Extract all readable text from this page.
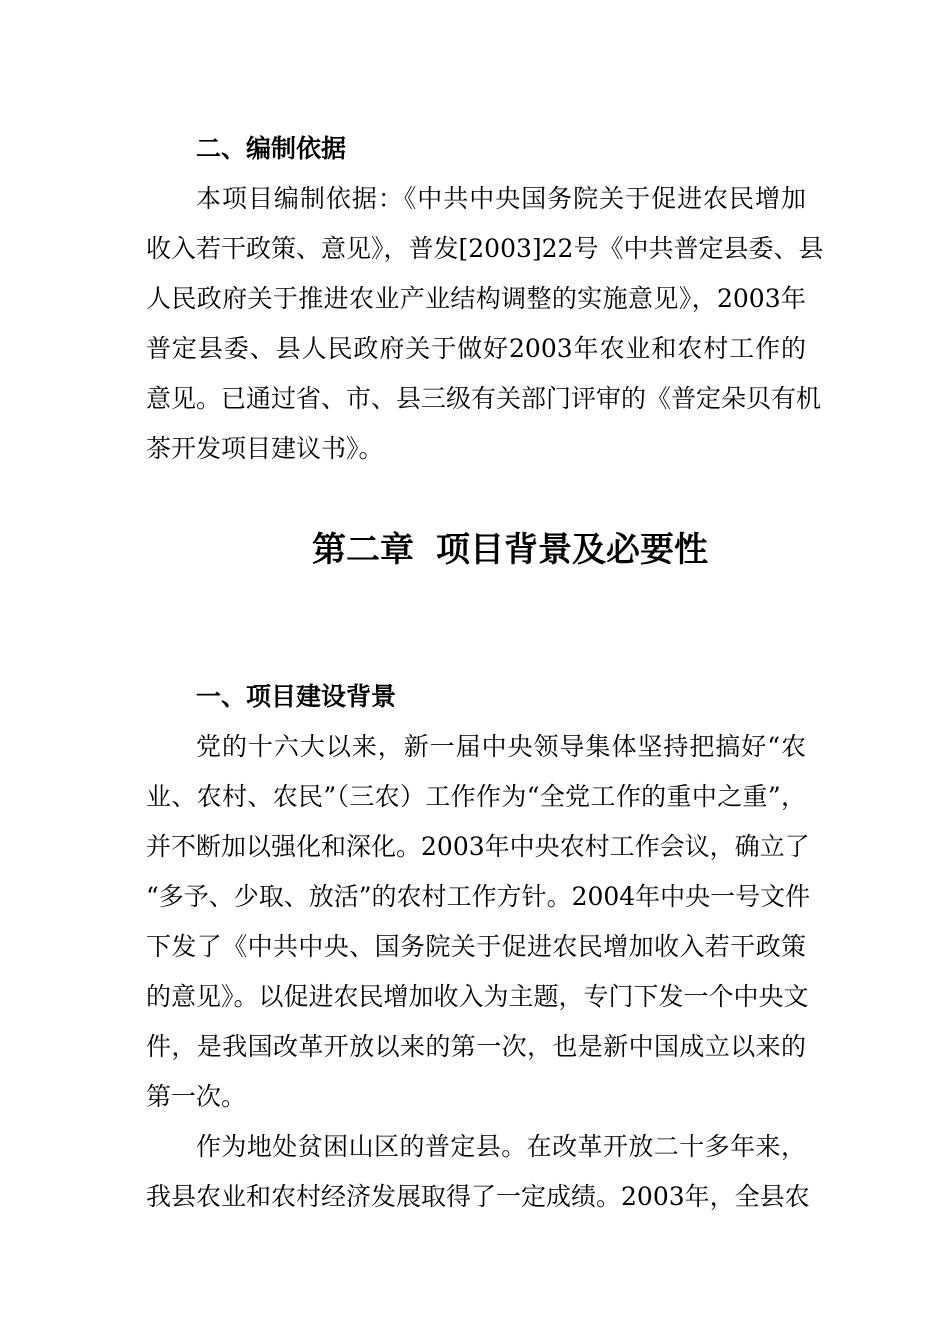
二、编制依据
本项目编制依据：《中共中央国务院关于促进农民增加
收入若干政策、意见》，普发[2003]22号《中共普定县委、县
人民政府关于推进农业产业结构调整的实施意见》，2003年
普定县委、县人民政府关于做好2003年农业和农村工作的
意见。已通过省、市、县三级有关部门评审的《普定朵贝有机
茶开发项目建议书》。
第二章 项目背景及必要性
一、项目建设背景
党的十六大以来，新一届中央领导集体坚持把搞好“农
业、农村、农民”（三农）工作作为“全党工作的重中之重”，
并不断加以强化和深化。2003年中央农村工作会议，确立了
“多予、少取、放活”的农村工作方针。2004年中央一号文件
下发了《中共中央、国务院关于促进农民增加收入若干政策
的意见》。以促进农民增加收入为主题，专门下发一个中央文
件，是我国改革开放以来的第一次，也是新中国成立以来的
第一次。
作为地处贫困山区的普定县。在改革开放二十多年来，
我县农业和农村经济发展取得了一定成绩。2003年，全县农
